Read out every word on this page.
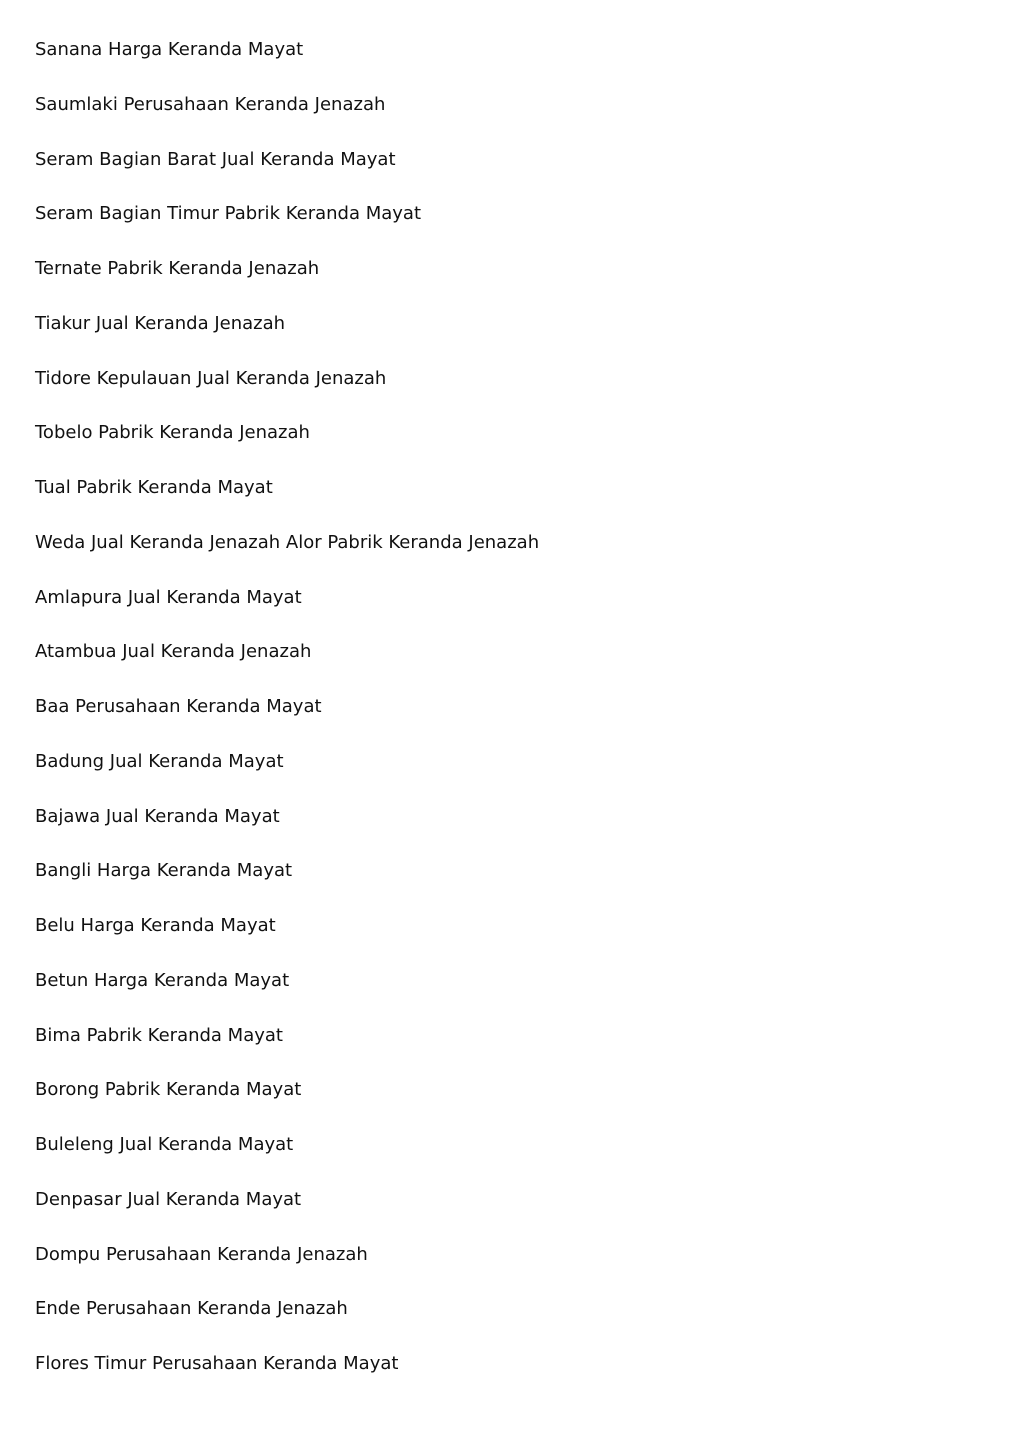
Sanana Harga Keranda Mayat
Saumlaki Perusahaan Keranda Jenazah
Seram Bagian Barat Jual Keranda Mayat
Seram Bagian Timur Pabrik Keranda Mayat
Ternate Pabrik Keranda Jenazah
Tiakur Jual Keranda Jenazah
Tidore Kepulauan Jual Keranda Jenazah
Tobelo Pabrik Keranda Jenazah
Tual Pabrik Keranda Mayat
Weda Jual Keranda Jenazah Alor Pabrik Keranda Jenazah
Amlapura Jual Keranda Mayat
Atambua Jual Keranda Jenazah
Baa Perusahaan Keranda Mayat
Badung Jual Keranda Mayat
Bajawa Jual Keranda Mayat
Bangli Harga Keranda Mayat
Belu Harga Keranda Mayat
Betun Harga Keranda Mayat
Bima Pabrik Keranda Mayat
Borong Pabrik Keranda Mayat
Buleleng Jual Keranda Mayat
Denpasar Jual Keranda Mayat
Dompu Perusahaan Keranda Jenazah
Ende Perusahaan Keranda Jenazah
Flores Timur Perusahaan Keranda Mayat
